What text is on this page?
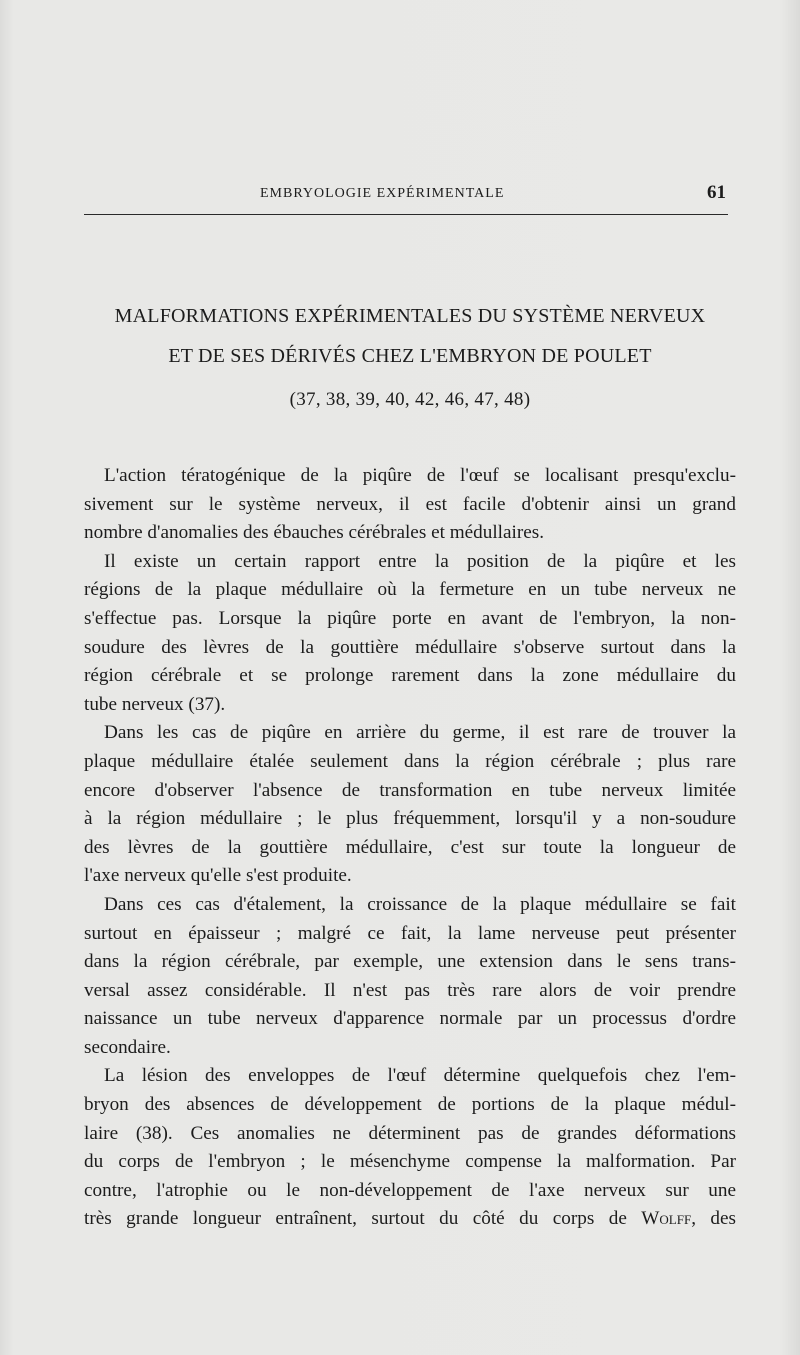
EMBRYOLOGIE EXPÉRIMENTALE	61
MALFORMATIONS EXPÉRIMENTALES DU SYSTÈME NERVEUX
ET DE SES DÉRIVÉS CHEZ L'EMBRYON DE POULET
(37, 38, 39, 40, 42, 46, 47, 48)
L'action tératogénique de la piqûre de l'œuf se localisant presqu'exclu-
sivement sur le système nerveux, il est facile d'obtenir ainsi un grand
nombre d'anomalies des ébauches cérébrales et médullaires.
Il existe un certain rapport entre la position de la piqûre et les
régions de la plaque médullaire où la fermeture en un tube nerveux ne
s'effectue pas. Lorsque la piqûre porte en avant de l'embryon, la non-
soudure des lèvres de la gouttière médullaire s'observe surtout dans la
région cérébrale et se prolonge rarement dans la zone médullaire du
tube nerveux (37).
Dans les cas de piqûre en arrière du germe, il est rare de trouver la
plaque médullaire étalée seulement dans la région cérébrale ; plus rare
encore d'observer l'absence de transformation en tube nerveux limitée
à la région médullaire ; le plus fréquemment, lorsqu'il y a non-soudure
des lèvres de la gouttière médullaire, c'est sur toute la longueur de
l'axe nerveux qu'elle s'est produite.
Dans ces cas d'étalement, la croissance de la plaque médullaire se fait
surtout en épaisseur ; malgré ce fait, la lame nerveuse peut présenter
dans la région cérébrale, par exemple, une extension dans le sens trans-
versal assez considérable. Il n'est pas très rare alors de voir prendre
naissance un tube nerveux d'apparence normale par un processus d'ordre
secondaire.
La lésion des enveloppes de l'œuf détermine quelquefois chez l'em-
bryon des absences de développement de portions de la plaque médul-
laire (38). Ces anomalies ne déterminent pas de grandes déformations
du corps de l'embryon ; le mésenchyme compense la malformation. Par
contre, l'atrophie ou le non-développement de l'axe nerveux sur une
très grande longueur entraînent, surtout du côté du corps de Wolff, des
